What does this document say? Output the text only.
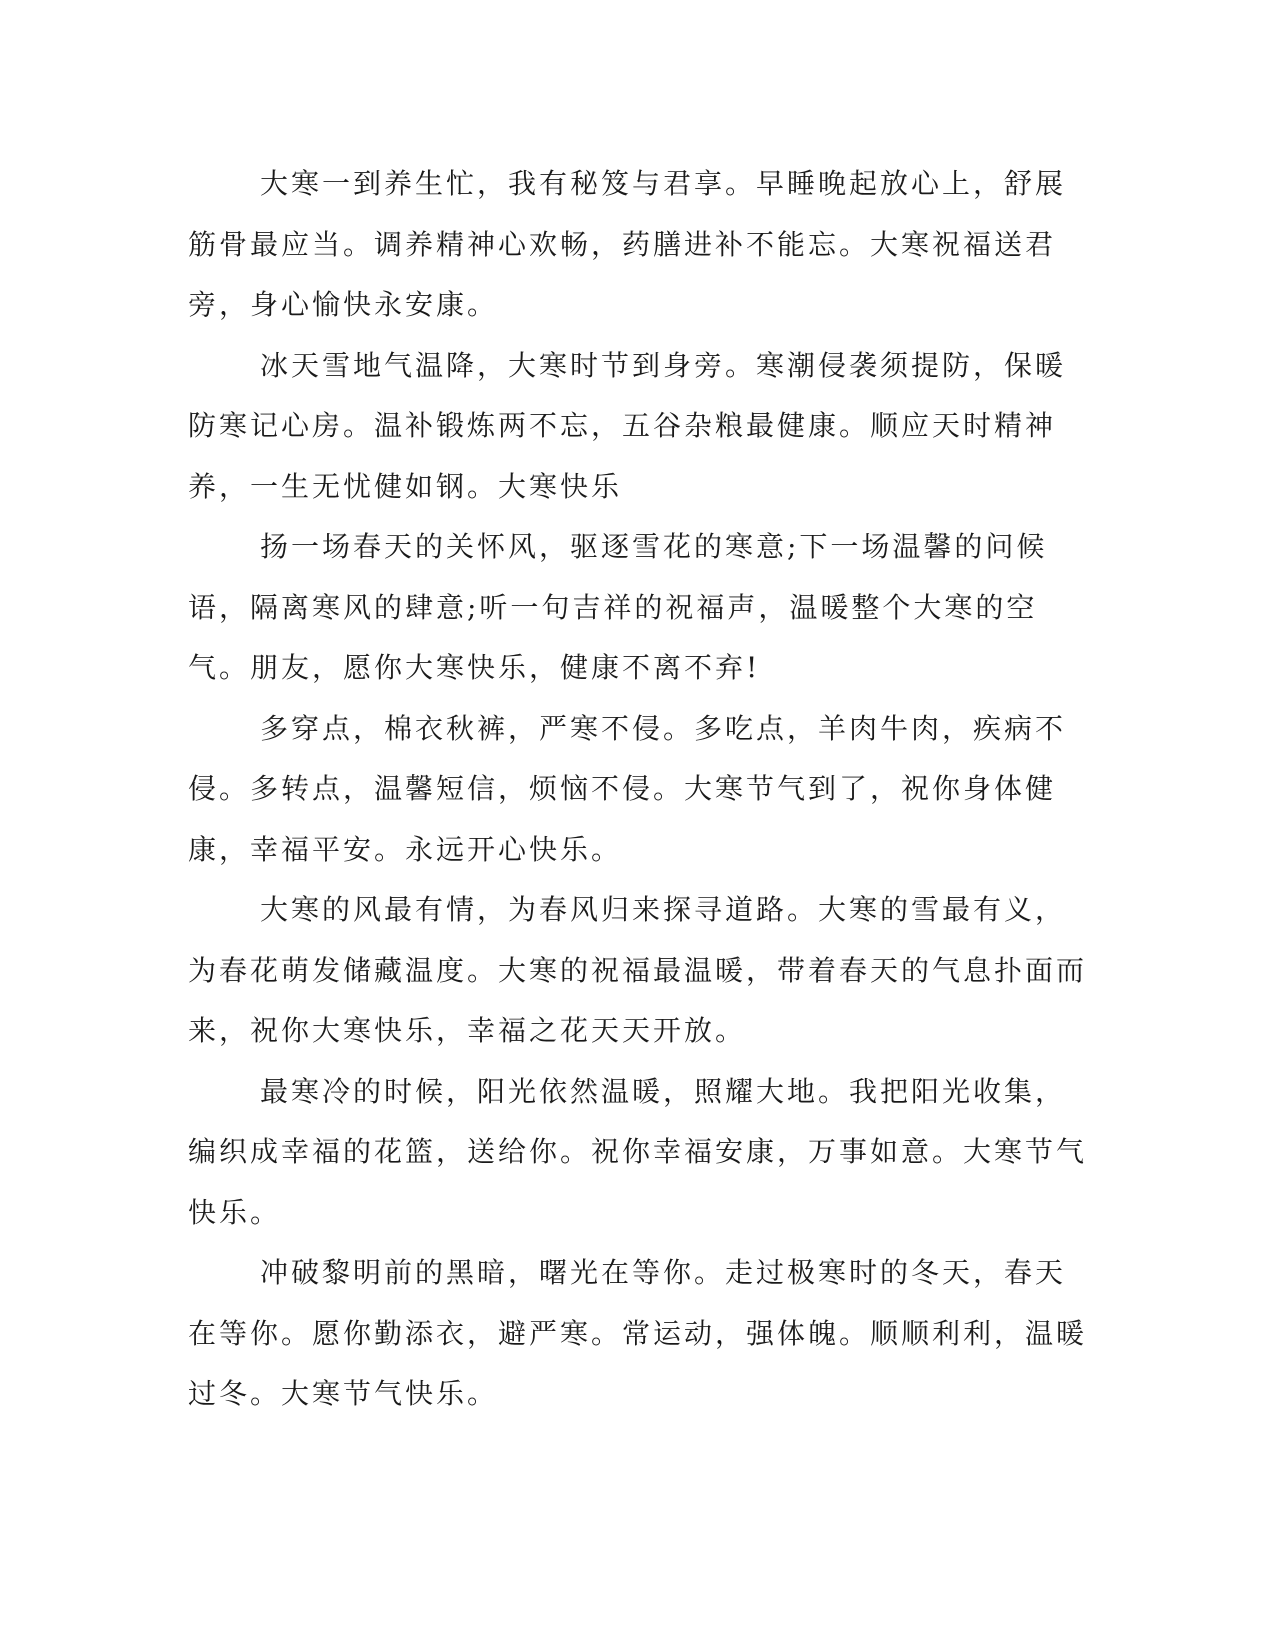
大寒一到养生忙，我有秘笈与君享。早睡晚起放心上，舒展筋骨最应当。调养精神心欢畅，药膳进补不能忘。大寒祝福送君旁，身心愉快永安康。

冰天雪地气温降，大寒时节到身旁。寒潮侵袭须提防，保暖防寒记心房。温补锻炼两不忘，五谷杂粮最健康。顺应天时精神养，一生无忧健如钢。大寒快乐

扬一场春天的关怀风，驱逐雪花的寒意;下一场温馨的问候语，隔离寒风的肆意;听一句吉祥的祝福声，温暖整个大寒的空气。朋友，愿你大寒快乐，健康不离不弃!

多穿点，棉衣秋裤，严寒不侵。多吃点，羊肉牛肉，疾病不侵。多转点，温馨短信，烦恼不侵。大寒节气到了，祝你身体健康，幸福平安。永远开心快乐。

大寒的风最有情，为春风归来探寻道路。大寒的雪最有义，为春花萌发储藏温度。大寒的祝福最温暖，带着春天的气息扑面而来，祝你大寒快乐，幸福之花天天开放。

最寒冷的时候，阳光依然温暖，照耀大地。我把阳光收集，编织成幸福的花篮，送给你。祝你幸福安康，万事如意。大寒节气快乐。

冲破黎明前的黑暗，曙光在等你。走过极寒时的冬天，春天在等你。愿你勤添衣，避严寒。常运动，强体魄。顺顺利利，温暖过冬。大寒节气快乐。
